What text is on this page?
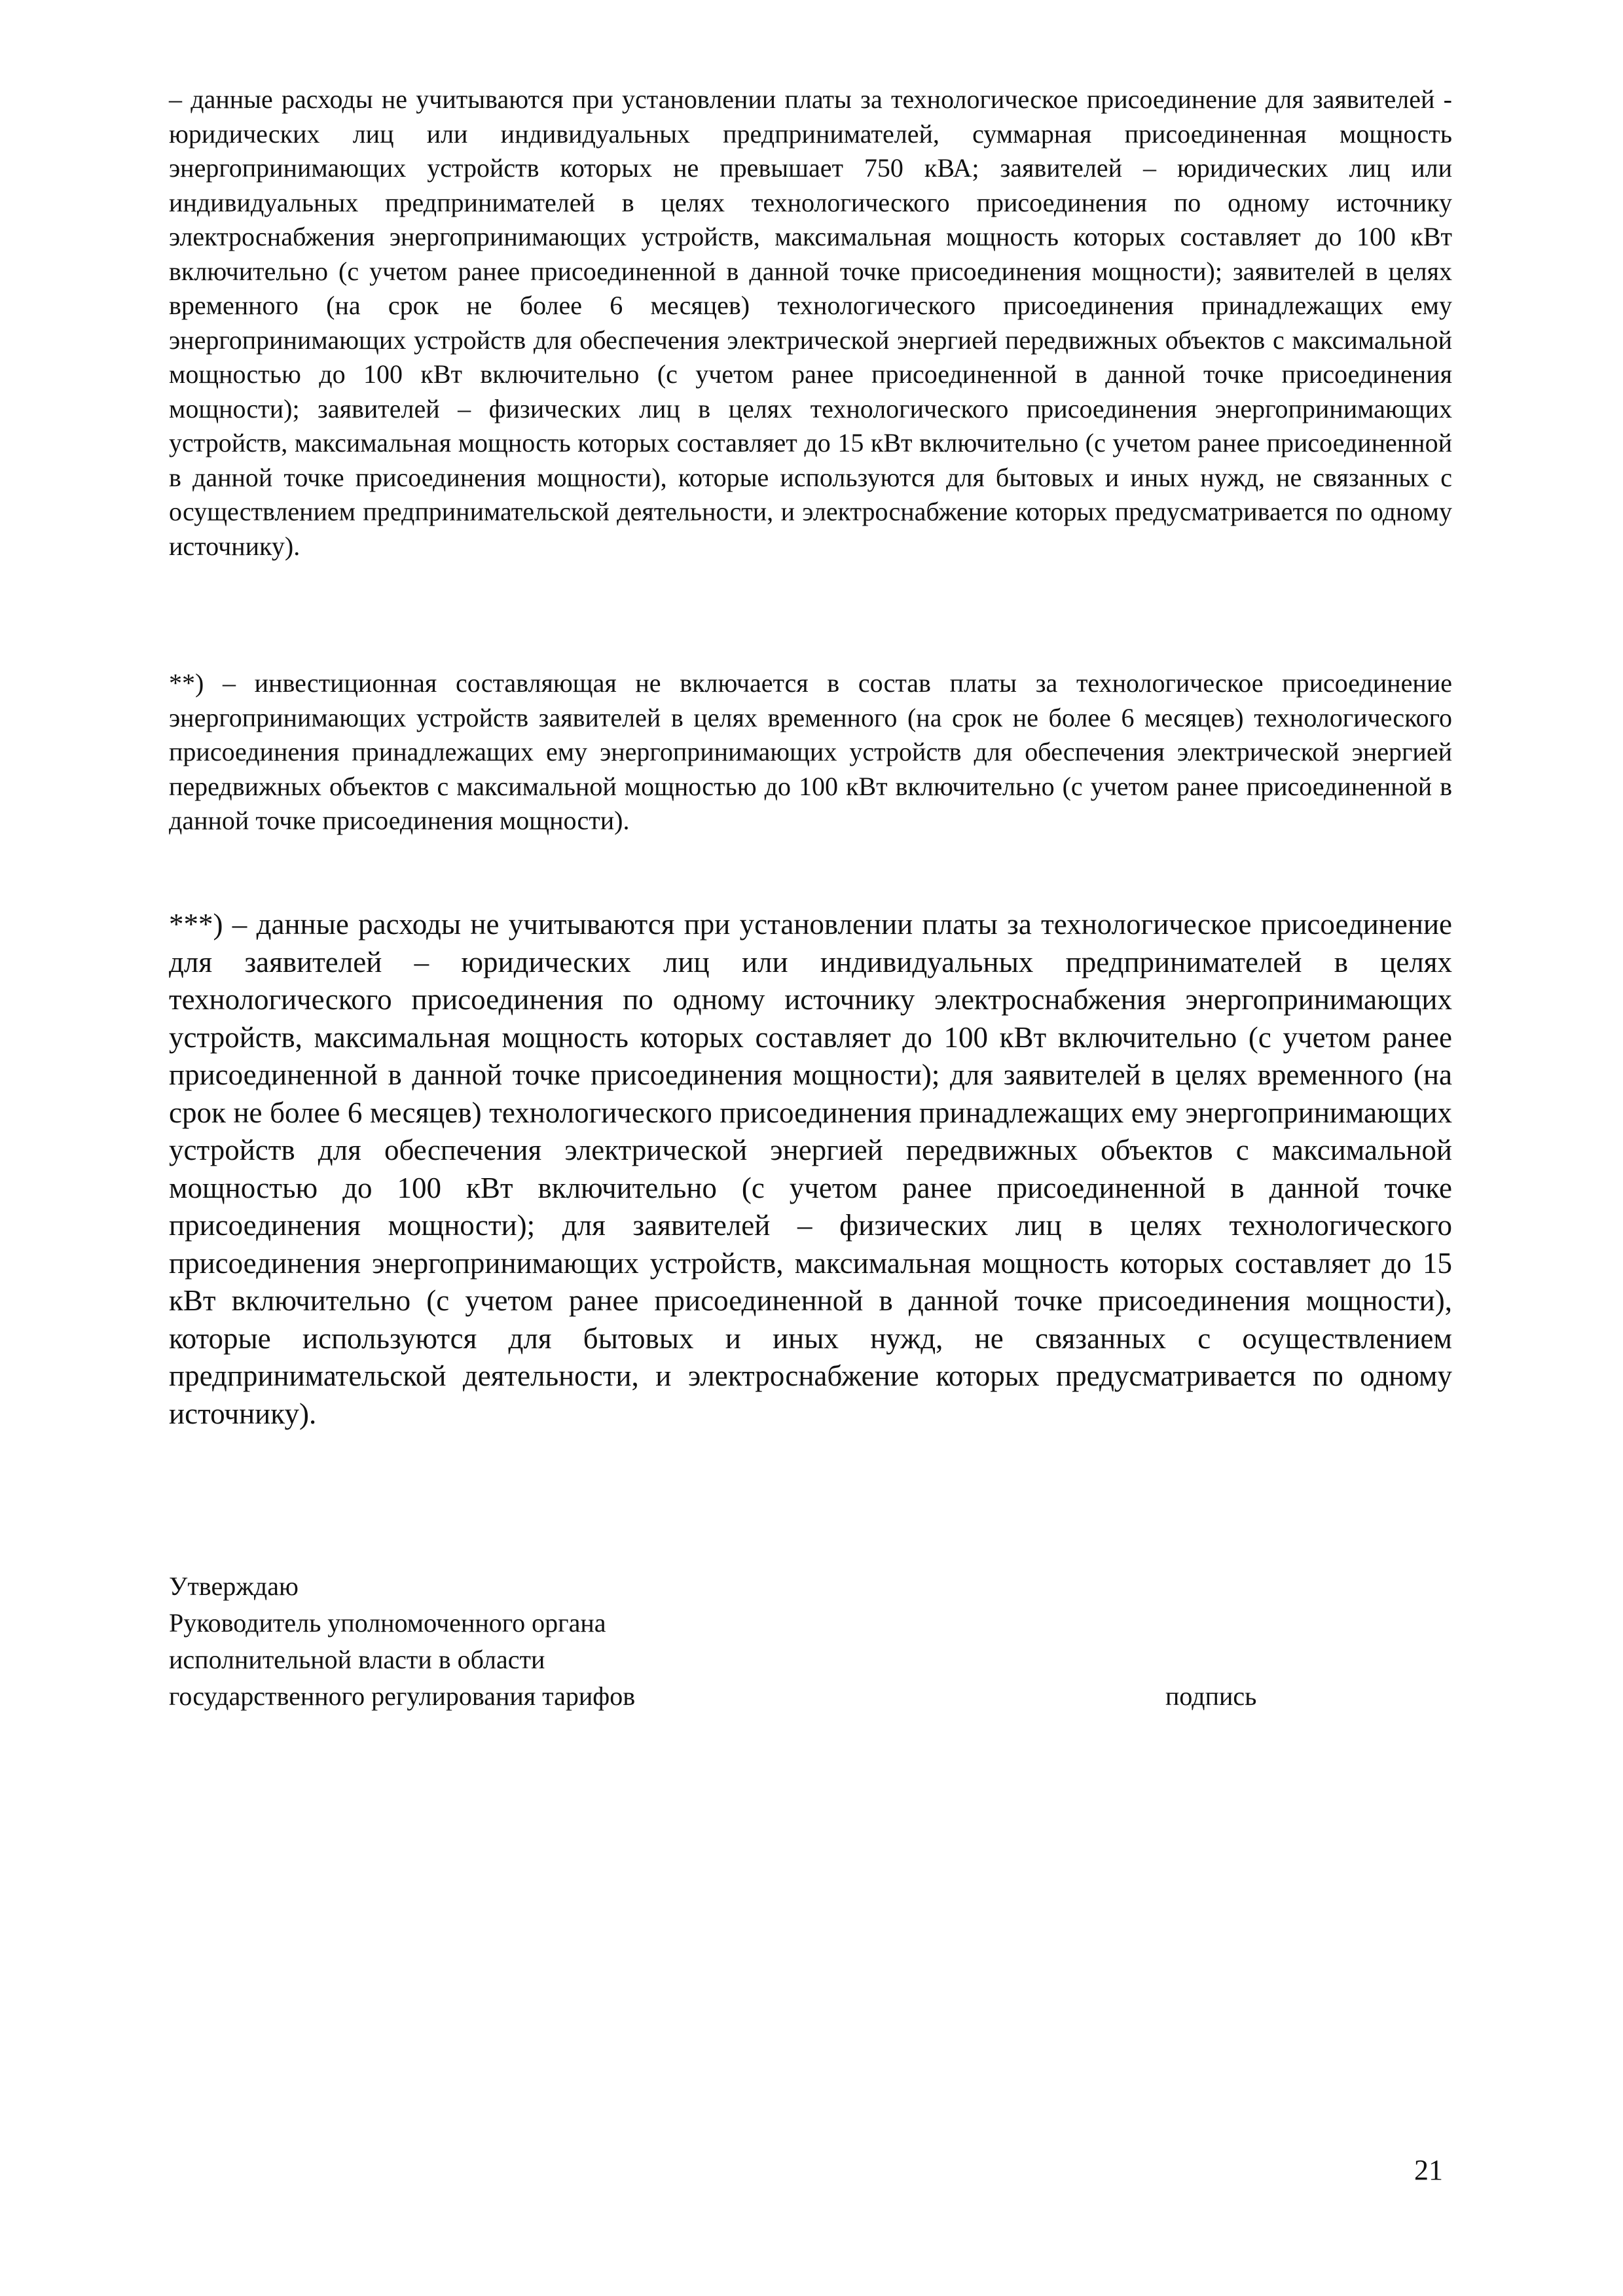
– данные расходы не учитываются при установлении платы за технологическое присоединение для заявителей - юридических лиц или индивидуальных предпринимателей, суммарная присоединенная мощность энергопринимающих устройств которых не превышает 750 кВА; заявителей – юридических лиц или индивидуальных предпринимателей в целях технологического присоединения по одному источнику электроснабжения энергопринимающих устройств, максимальная мощность которых составляет до 100 кВт включительно (с учетом ранее присоединенной в данной точке присоединения мощности); заявителей в целях временного (на срок не более 6 месяцев) технологического присоединения принадлежащих ему энергопринимающих устройств для обеспечения электрической энергией передвижных объектов с максимальной мощностью до 100 кВт включительно (с учетом ранее присоединенной в данной точке присоединения мощности); заявителей – физических лиц в целях технологического присоединения энергопринимающих устройств, максимальная мощность которых составляет до 15 кВт включительно (с учетом ранее присоединенной в данной точке присоединения мощности), которые используются для бытовых и иных нужд, не связанных с осуществлением предпринимательской деятельности, и электроснабжение которых предусматривается по одному источнику).

**) – инвестиционная составляющая не включается в состав платы за технологическое присоединение энергопринимающих устройств заявителей в целях временного (на срок не более 6 месяцев) технологического присоединения принадлежащих ему энергопринимающих устройств для обеспечения электрической энергией передвижных объектов с максимальной мощностью до 100 кВт включительно (с учетом ранее присоединенной в данной точке присоединения мощности).

***) – данные расходы не учитываются при установлении платы за технологическое присоединение для заявителей – юридических лиц или индивидуальных предпринимателей в целях технологического присоединения по одному источнику электроснабжения энергопринимающих устройств, максимальная мощность которых составляет до 100 кВт включительно (с учетом ранее присоединенной в данной точке присоединения мощности); для заявителей в целях временного (на срок не более 6 месяцев) технологического присоединения принадлежащих ему энергопринимающих устройств для обеспечения электрической энергией передвижных объектов с максимальной мощностью до 100 кВт включительно (с учетом ранее присоединенной в данной точке присоединения мощности); для заявителей – физических лиц в целях технологического присоединения энергопринимающих устройств, максимальная мощность которых составляет до 15 кВт включительно (с учетом ранее присоединенной в данной точке присоединения мощности), которые используются для бытовых и иных нужд, не связанных с осуществлением предпринимательской деятельности, и электроснабжение которых предусматривается по одному источнику).

Утверждаю
Руководитель уполномоченного органа
исполнительной власти в области
государственного регулирования тарифов	подпись
21
